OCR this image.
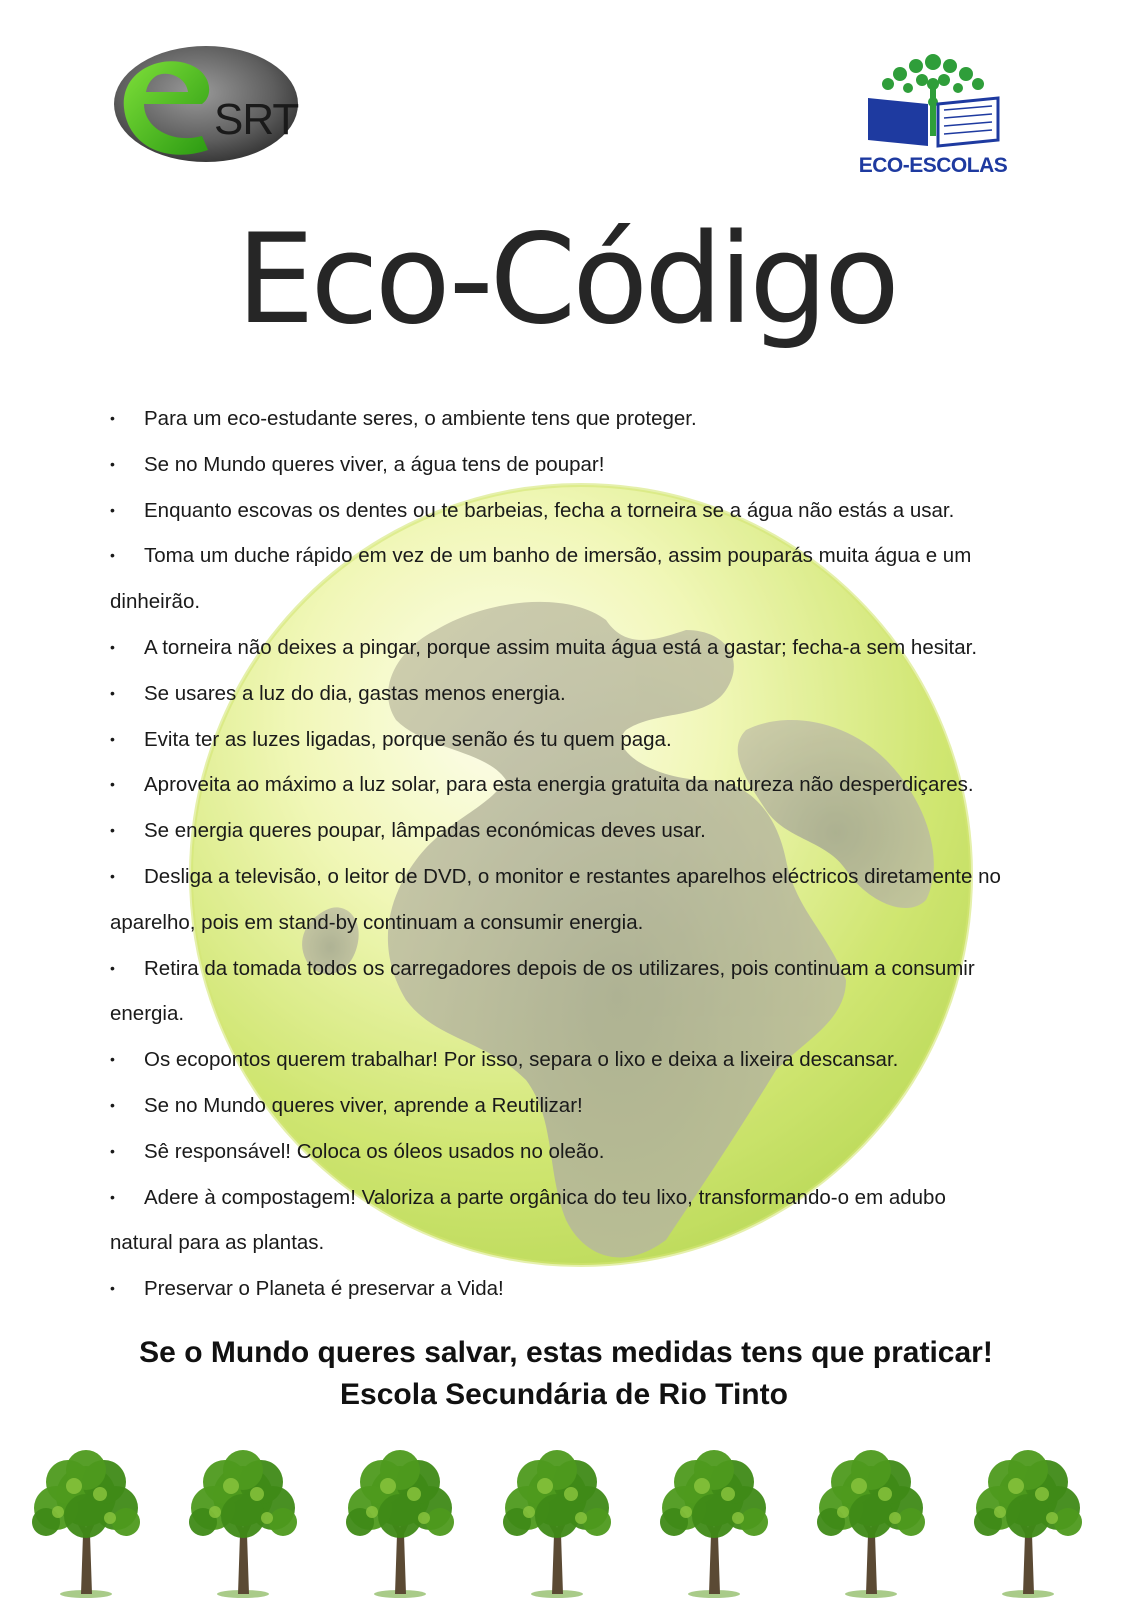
SRT
ECO-ESCOLAS
Eco-Código
• Para um eco-estudante seres, o ambiente tens que proteger.
• Se no Mundo queres viver, a água tens de poupar!
• Enquanto escovas os dentes ou te barbeias, fecha a torneira se a água não estás a usar.
• Toma um duche rápido em vez de um banho de imersão, assim pouparás muita água e um dinheirão.
• A torneira não deixes a pingar, porque assim muita água está a gastar; fecha-a sem hesitar.
• Se usares a luz do dia, gastas menos energia.
• Evita ter as luzes ligadas, porque senão és tu quem paga.
• Aproveita ao máximo a luz solar, para esta energia gratuita da natureza não desperdiçares.
• Se energia queres poupar, lâmpadas económicas deves usar.
• Desliga a televisão, o leitor de DVD, o monitor e restantes aparelhos eléctricos diretamente no aparelho, pois em stand-by continuam a consumir energia.
• Retira da tomada todos os carregadores depois de os utilizares, pois continuam a consumir energia.
• Os ecopontos querem trabalhar! Por isso, separa o lixo e deixa a lixeira descansar.
• Se no Mundo queres viver, aprende a Reutilizar!
• Sê responsável! Coloca os óleos usados no oleão.
• Adere à compostagem! Valoriza a parte orgânica do teu lixo, transformando-o em adubo natural para as plantas.
• Preservar o Planeta é preservar a Vida!
Se o Mundo queres salvar, estas medidas tens que praticar!
Escola Secundária de Rio Tinto
